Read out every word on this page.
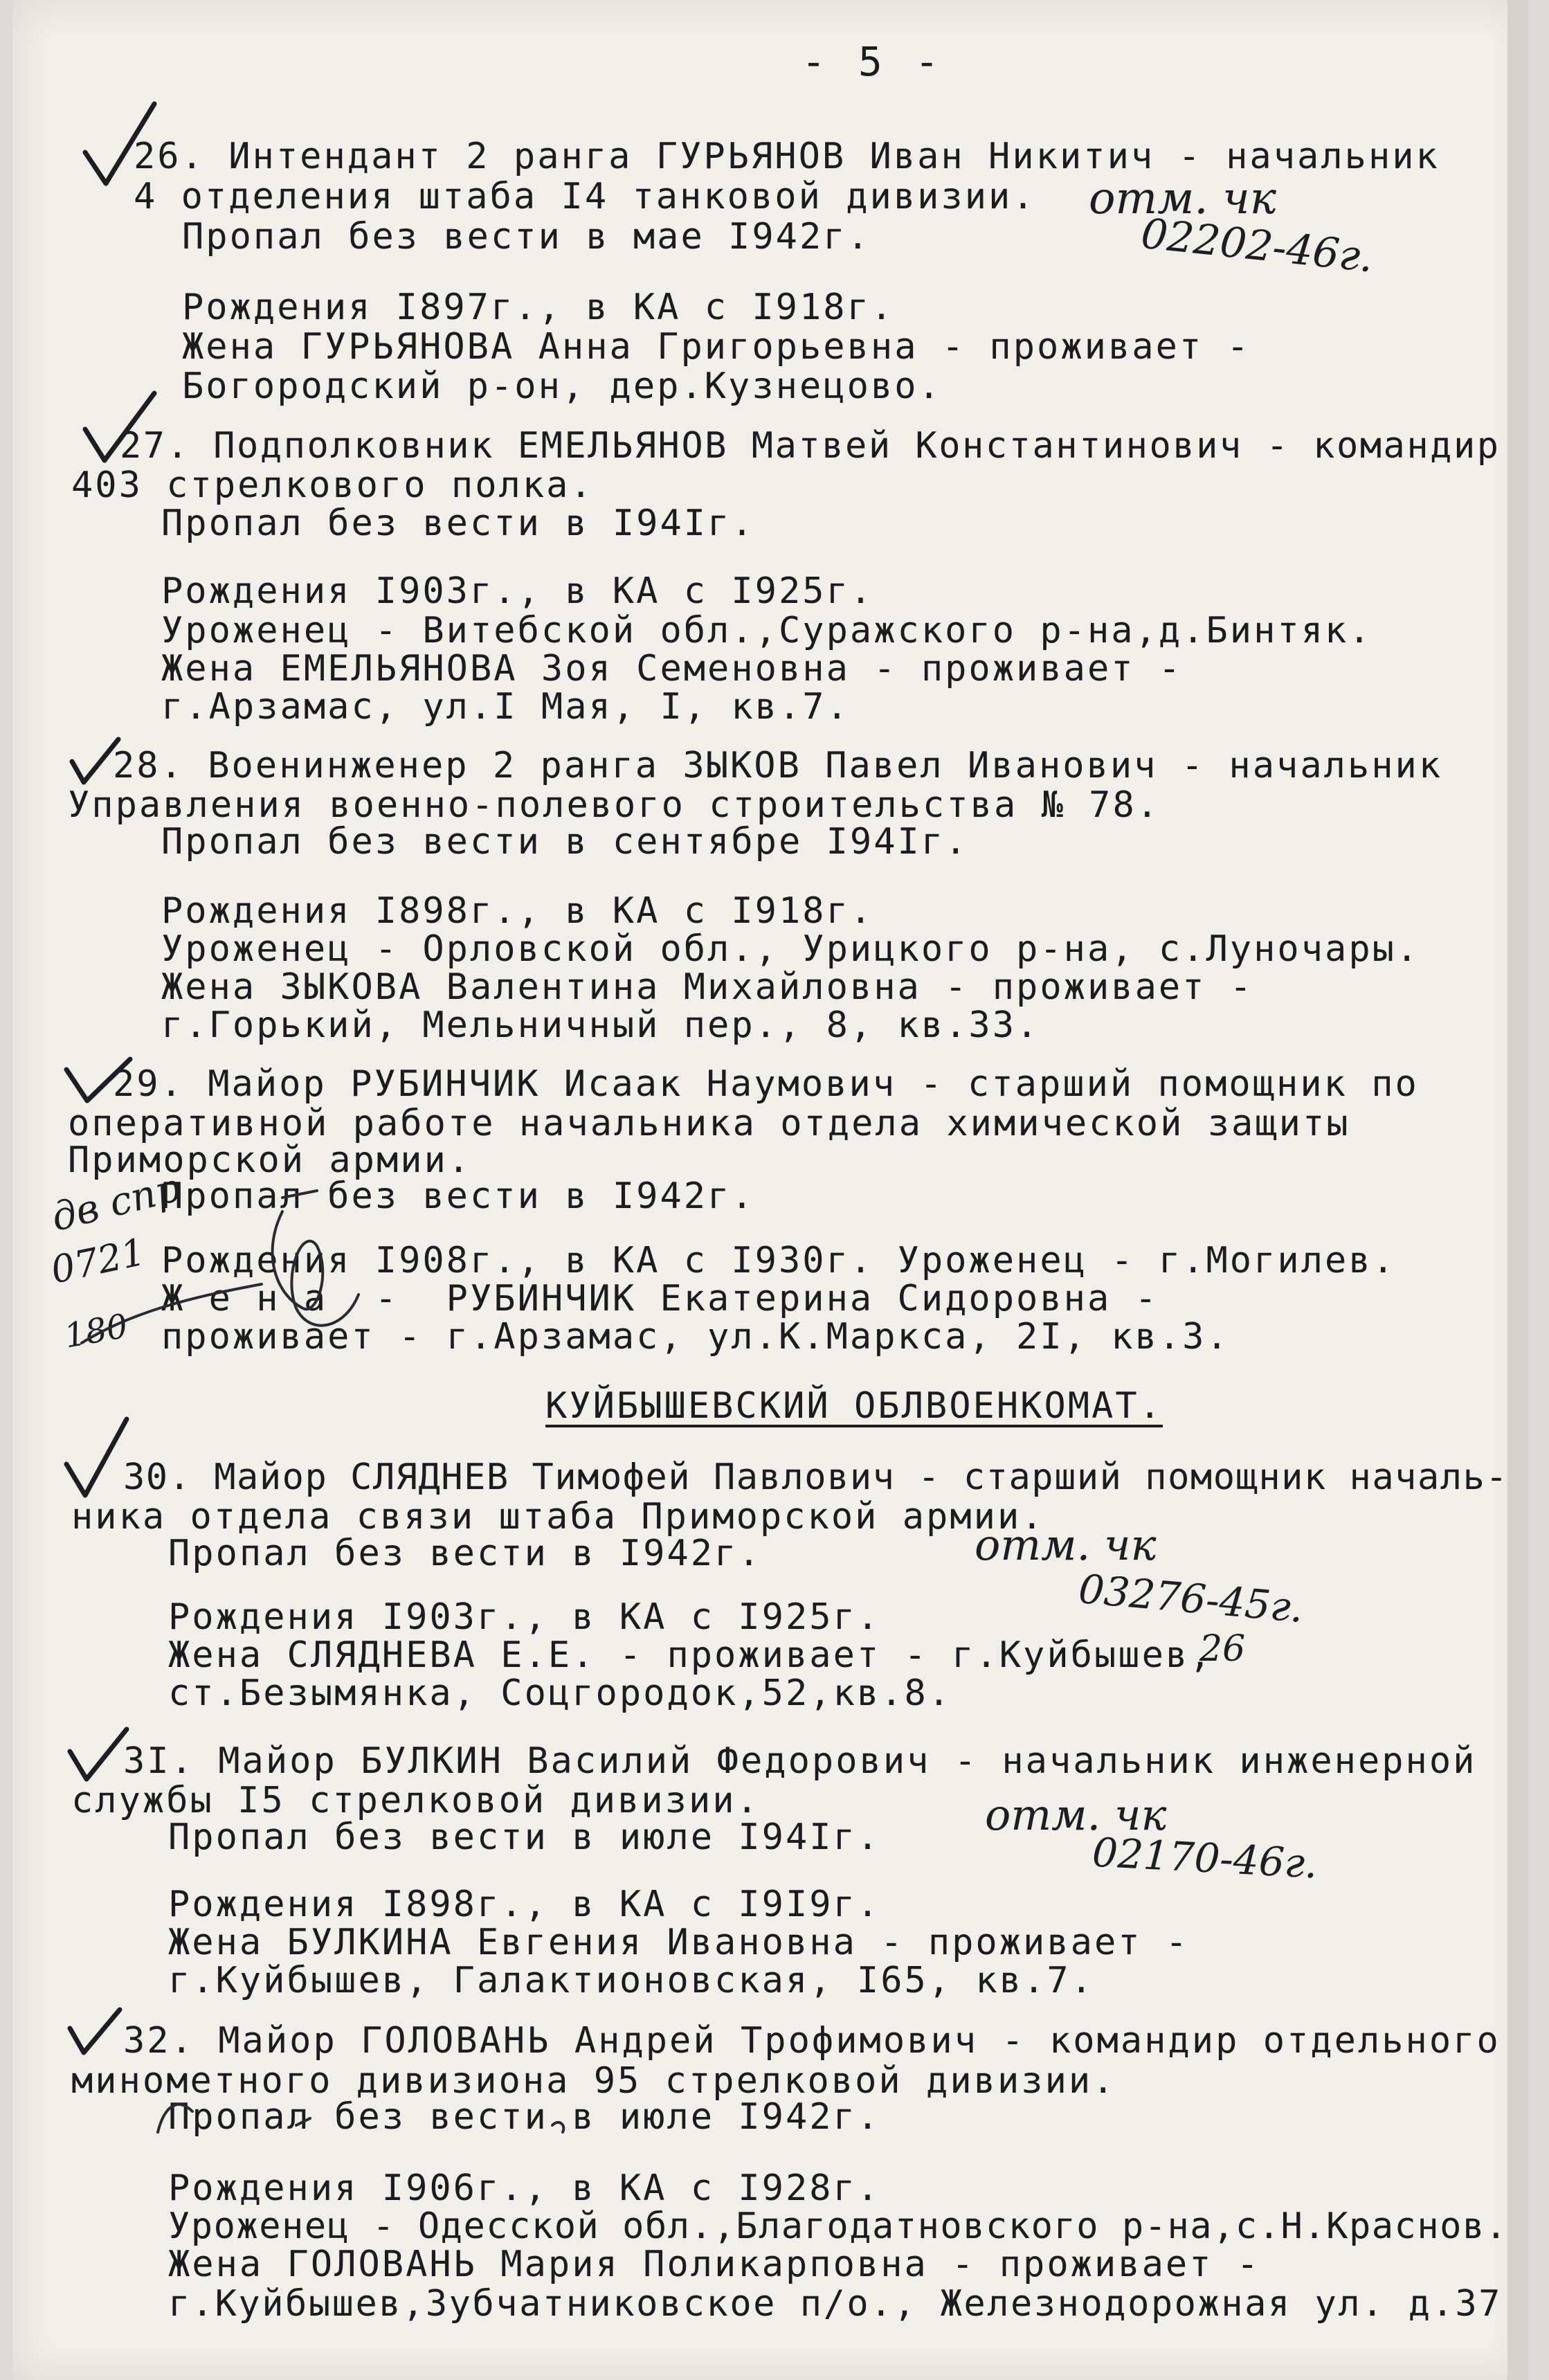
- 5 -
26. Интендант 2 ранга ГУРЬЯНОВ Иван Никитич - начальник
4 отделения штаба I4 танковой дивизии.
Пропал без вести в мае I942г.
Рождения I897г., в КА с I918г.
Жена ГУРЬЯНОВА Анна Григорьевна - проживает -
Богородский р-он, дер.Кузнецово.
отм. чк
02202-46г.
27. Подполковник ЕМЕЛЬЯНОВ Матвей Константинович - командир
403 стрелкового полка.
Пропал без вести в I94Iг.
Рождения I903г., в КА с I925г.
Уроженец - Витебской обл.,Суражского р-на,д.Бинтяк.
Жена ЕМЕЛЬЯНОВА Зоя Семеновна - проживает -
г.Арзамас, ул.I Мая, I, кв.7.
28. Военинженер 2 ранга ЗЫКОВ Павел Иванович - начальник
Управления военно-полевого строительства № 78.
Пропал без вести в сентябре I94Iг.
Рождения I898г., в КА с I918г.
Уроженец - Орловской обл., Урицкого р-на, с.Луночары.
Жена ЗЫКОВА Валентина Михайловна - проживает -
г.Горький, Мельничный пер., 8, кв.33.
29. Майор РУБИНЧИК Исаак Наумович - старший помощник по
оперативной работе начальника отдела химической защиты
Приморской армии.
Пропал без вести в I942г.
Рождения I908г., в КА с I930г. Уроженец - г.Могилев.
Ж е н а  -  РУБИНЧИК Екатерина Сидоровна -
проживает - г.Арзамас, ул.К.Маркса, 2I, кв.3.
дв спр
0721
180
КУЙБЫШЕВСКИЙ ОБЛВОЕНКОМАТ.
30. Майор СЛЯДНЕВ Тимофей Павлович - старший помощник началь-
ника отдела связи штаба Приморской армии.
Пропал без вести в I942г.
Рождения I903г., в КА с I925г.
Жена СЛЯДНЕВА Е.Е. - проживает - г.Куйбышев,
ст.Безымянка, Соцгородок,52,кв.8.
отм. чк
03276-45г.
26
3I. Майор БУЛКИН Василий Федорович - начальник инженерной
службы I5 стрелковой дивизии.
Пропал без вести в июле I94Iг.
Рождения I898г., в КА с I9I9г.
Жена БУЛКИНА Евгения Ивановна - проживает -
г.Куйбышев, Галактионовская, I65, кв.7.
отм. чк
02170-46г.
32. Майор ГОЛОВАНЬ Андрей Трофимович - командир отдельного
минометного дивизиона 95 стрелковой дивизии.
Пропал без вести в июле I942г.
Рождения I906г., в КА с I928г.
Уроженец - Одесской обл.,Благодатновского р-на,с.Н.Краснов.
Жена ГОЛОВАНЬ Мария Поликарповна - проживает -
г.Куйбышев,Зубчатниковское п/о., Железнодорожная ул. д.37
